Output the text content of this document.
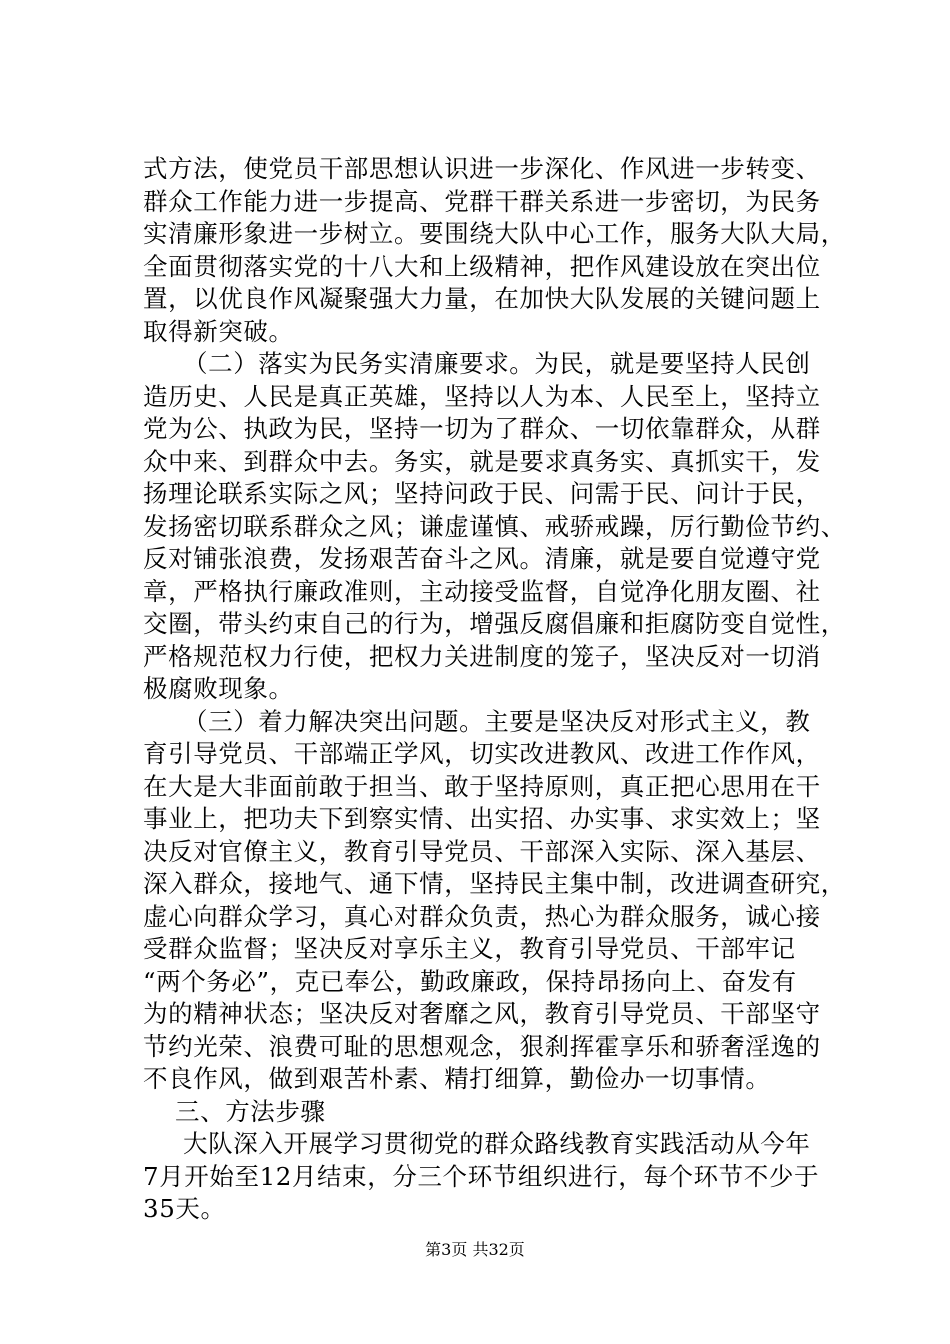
式方法，使党员干部思想认识进一步深化、作风进一步转变、
群众工作能力进一步提高、党群干群关系进一步密切，为民务
实清廉形象进一步树立。要围绕大队中心工作，服务大队大局，
全面贯彻落实党的十八大和上级精神，把作风建设放在突出位
置，以优良作风凝聚强大力量，在加快大队发展的关键问题上
取得新突破。
（二）落实为民务实清廉要求。为民，就是要坚持人民创
造历史、人民是真正英雄，坚持以人为本、人民至上，坚持立
党为公、执政为民，坚持一切为了群众、一切依靠群众，从群
众中来、到群众中去。务实，就是要求真务实、真抓实干，发
扬理论联系实际之风；坚持问政于民、问需于民、问计于民，
发扬密切联系群众之风；谦虚谨慎、戒骄戒躁，厉行勤俭节约、
反对铺张浪费，发扬艰苦奋斗之风。清廉，就是要自觉遵守党
章，严格执行廉政准则，主动接受监督，自觉净化朋友圈、社
交圈，带头约束自己的行为，增强反腐倡廉和拒腐防变自觉性，
严格规范权力行使，把权力关进制度的笼子，坚决反对一切消
极腐败现象。
（三）着力解决突出问题。主要是坚决反对形式主义，教
育引导党员、干部端正学风，切实改进教风、改进工作作风，
在大是大非面前敢于担当、敢于坚持原则，真正把心思用在干
事业上，把功夫下到察实情、出实招、办实事、求实效上；坚
决反对官僚主义，教育引导党员、干部深入实际、深入基层、
深入群众，接地气、通下情，坚持民主集中制，改进调查研究，
虚心向群众学习，真心对群众负责，热心为群众服务，诚心接
受群众监督；坚决反对享乐主义，教育引导党员、干部牢记
“两个务必”，克已奉公，勤政廉政，保持昂扬向上、奋发有
为的精神状态；坚决反对奢靡之风，教育引导党员、干部坚守
节约光荣、浪费可耻的思想观念，狠刹挥霍享乐和骄奢淫逸的
不良作风，做到艰苦朴素、精打细算，勤俭办一切事情。
三、方法步骤
大队深入开展学习贯彻党的群众路线教育实践活动从今年
7月开始至12月结束，分三个环节组织进行，每个环节不少于
35天。
第3页 共32页
